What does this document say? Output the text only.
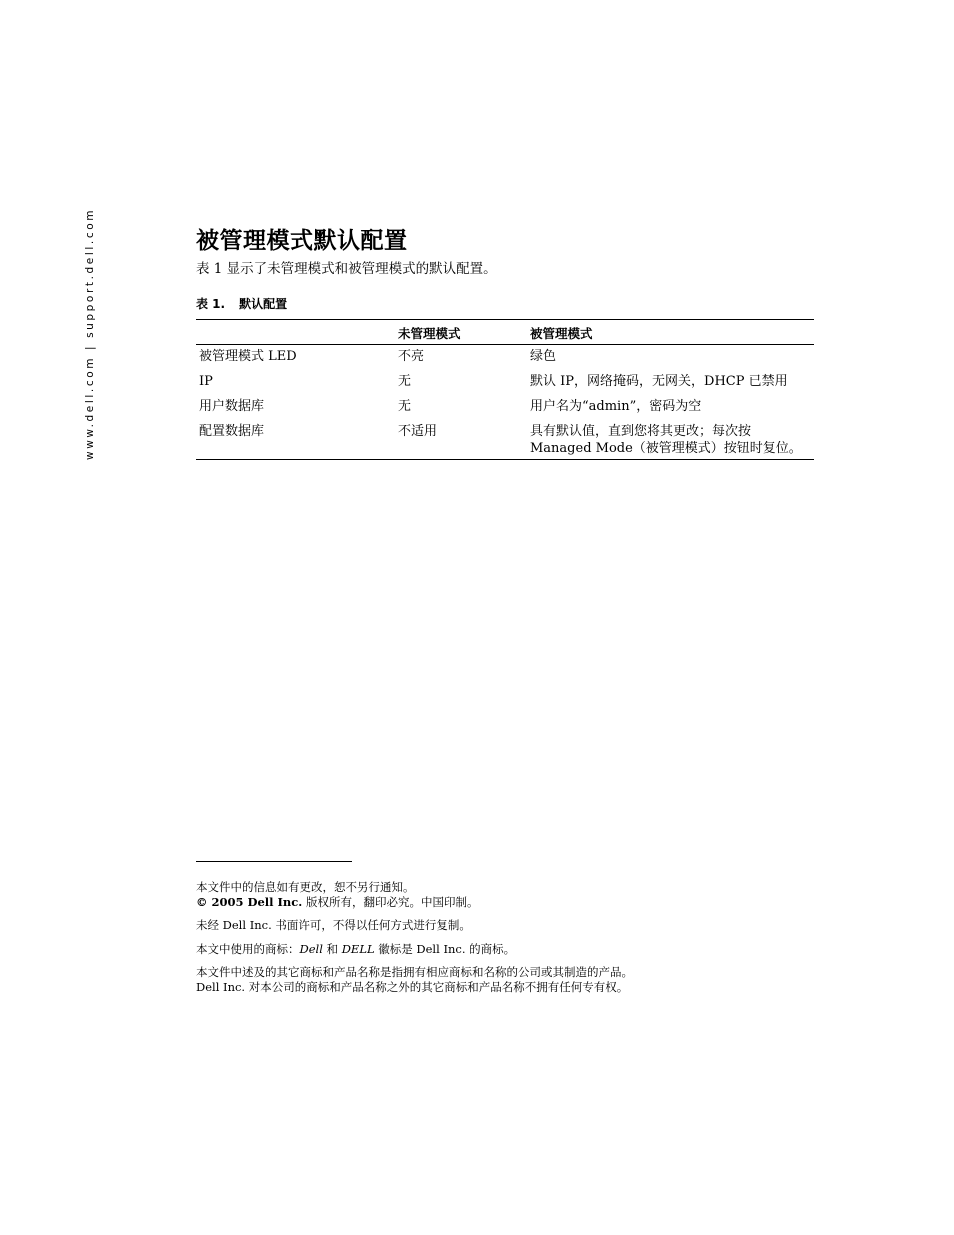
www.dell.com | support.dell.com	被管理模式默认配置
表 1 显示了未管理模式和被管理模式的默认配置。
表 1. 默认配置
	未管理模式	被管理模式
被管理模式 LED	不亮	绿色
IP	无	默认 IP，网络掩码，无网关，DHCP 已禁用
用户数据库	无	用户名为“admin”，密码为空
配置数据库	不适用	具有默认值，直到您将其更改；每次按
Managed Mode（被管理模式）按钮时复位。
本文件中的信息如有更改，恕不另行通知。
© 2005 Dell Inc. 版权所有，翻印必究。中国印制。
未经 Dell Inc. 书面许可，不得以任何方式进行复制。
本文中使用的商标：Dell 和 DELL 徽标是 Dell Inc. 的商标。
本文件中述及的其它商标和产品名称是指拥有相应商标和名称的公司或其制造的产品。
Dell Inc. 对本公司的商标和产品名称之外的其它商标和产品名称不拥有任何专有权。
